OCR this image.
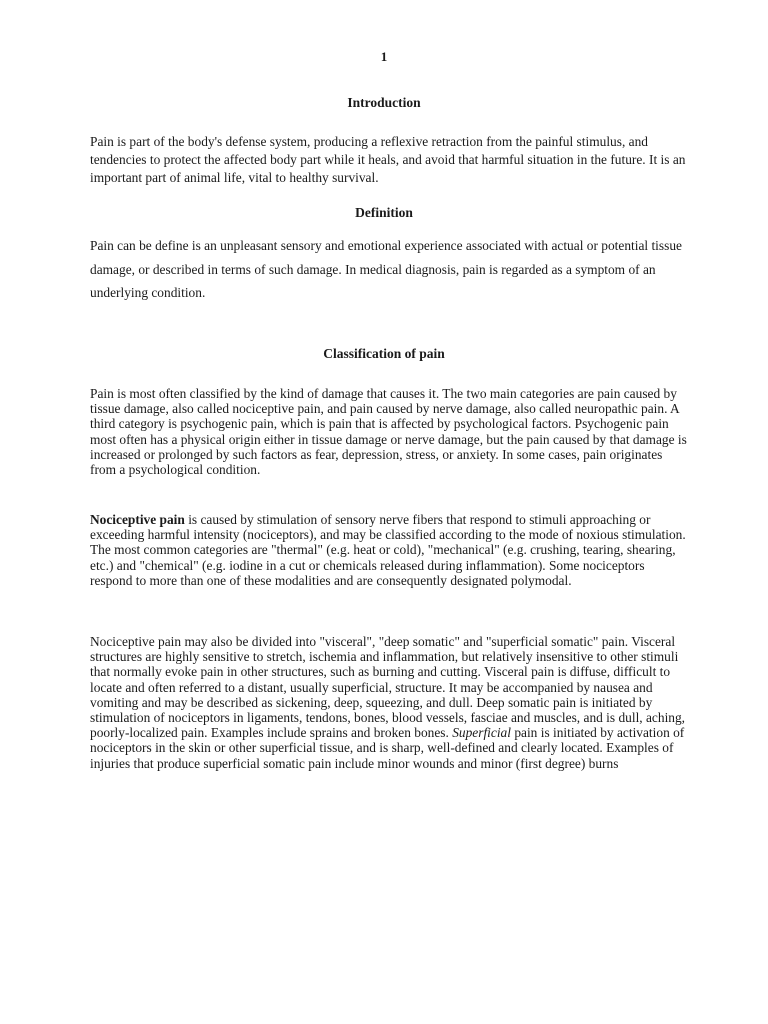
1
Introduction

Pain is part of the body's defense system, producing a reflexive retraction from the painful stimulus, and tendencies to protect the affected body part while it heals, and avoid that harmful situation in the future. It is an important part of animal life, vital to healthy survival.

Definition

Pain can be define is an unpleasant sensory and emotional experience associated with actual or potential tissue damage, or described in terms of such damage. In medical diagnosis, pain is regarded as a symptom of an underlying condition.

Classification of pain

Pain is most often classified by the kind of damage that causes it. The two main categories are pain caused by tissue damage, also called nociceptive pain, and pain caused by nerve damage, also called neuropathic pain. A third category is psychogenic pain, which is pain that is affected by psychological factors. Psychogenic pain most often has a physical origin either in tissue damage or nerve damage, but the pain caused by that damage is increased or prolonged by such factors as fear, depression, stress, or anxiety. In some cases, pain originates from a psychological condition.

Nociceptive pain is caused by stimulation of sensory nerve fibers that respond to stimuli approaching or exceeding harmful intensity (nociceptors), and may be classified according to the mode of noxious stimulation. The most common categories are "thermal" (e.g. heat or cold), "mechanical" (e.g. crushing, tearing, shearing, etc.) and "chemical" (e.g. iodine in a cut or chemicals released during inflammation). Some nociceptors respond to more than one of these modalities and are consequently designated polymodal.

Nociceptive pain may also be divided into "visceral", "deep somatic" and "superficial somatic" pain. Visceral structures are highly sensitive to stretch, ischemia and inflammation, but relatively insensitive to other stimuli that normally evoke pain in other structures, such as burning and cutting. Visceral pain is diffuse, difficult to locate and often referred to a distant, usually superficial, structure. It may be accompanied by nausea and vomiting and may be described as sickening, deep, squeezing, and dull. Deep somatic pain is initiated by stimulation of nociceptors in ligaments, tendons, bones, blood vessels, fasciae and muscles, and is dull, aching, poorly-localized pain. Examples include sprains and broken bones. Superficial pain is initiated by activation of nociceptors in the skin or other superficial tissue, and is sharp, well-defined and clearly located. Examples of injuries that produce superficial somatic pain include minor wounds and minor (first degree) burns
